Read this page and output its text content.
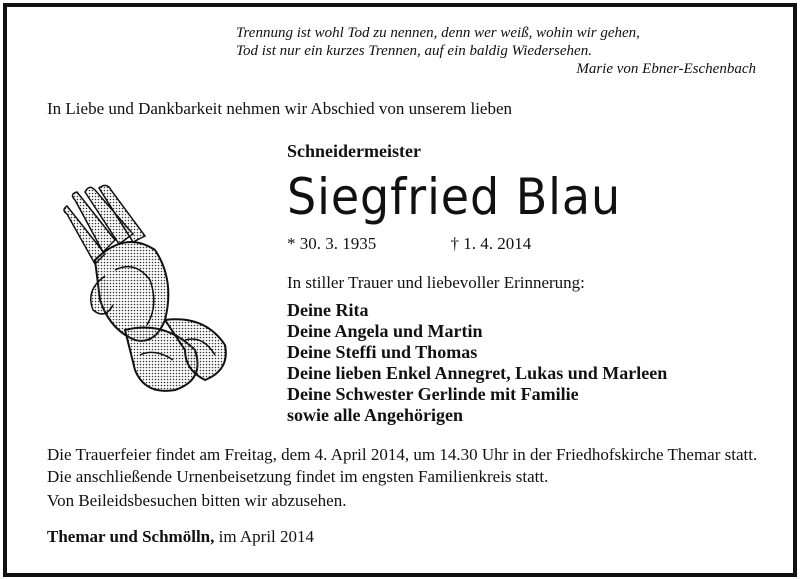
Trennung ist wohl Tod zu nennen, denn wer weiß, wohin wir gehen,
Tod ist nur ein kurzes Trennen, auf ein baldig Wiedersehen.
Marie von Ebner-Eschenbach
In Liebe und Dankbarkeit nehmen wir Abschied von unserem lieben
Schneidermeister
Siegfried Blau
* 30. 3. 1935	† 1. 4. 2014
In stiller Trauer und liebevoller Erinnerung:
Deine Rita
Deine Angela und Martin
Deine Steffi und Thomas
Deine lieben Enkel Annegret, Lukas und Marleen
Deine Schwester Gerlinde mit Familie
sowie alle Angehörigen
Die Trauerfeier findet am Freitag, dem 4. April 2014, um 14.30 Uhr in der Friedhofskirche Themar statt. Die anschließende Urnenbeisetzung findet im engsten Familienkreis statt.
Von Beileidsbesuchen bitten wir abzusehen.
Themar und Schmölln, im April 2014
